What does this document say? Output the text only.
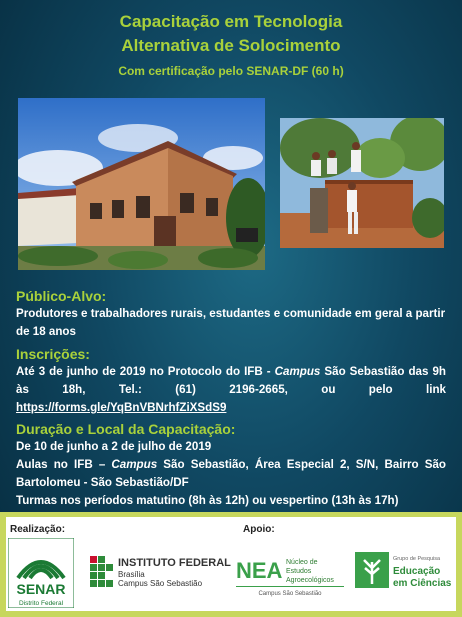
Capacitação em Tecnologia
Alternativa de Solocimento
Com certificação pelo SENAR-DF (60 h)
Público-Alvo:
Produtores e trabalhadores rurais, estudantes e comunidade em geral a partir de 18 anos
Inscrições:
Até 3 de junho de 2019 no Protocolo do IFB - Campus São Sebastião das 9h às 18h, Tel.: (61) 2196-2665, ou pelo link https://forms.gle/YqBnVBNrhfZiXSdS9
Duração e Local da Capacitação:
De 10 de junho a 2 de julho de 2019
Aulas no IFB – Campus São Sebastião, Área Especial 2, S/N, Bairro São Bartolomeu - São Sebastião/DF
Turmas nos períodos matutino (8h às 12h) ou vespertino (13h às 17h)
Realização:	Apoio:
SENAR
Distrito Federal
INSTITUTO FEDERAL
Brasília
Campus São Sebastião
NEA Núcleo de
Estudos
Agroecológicos
Campus São Sebastião
Grupo de Pesquisa
Educação
em Ciências
